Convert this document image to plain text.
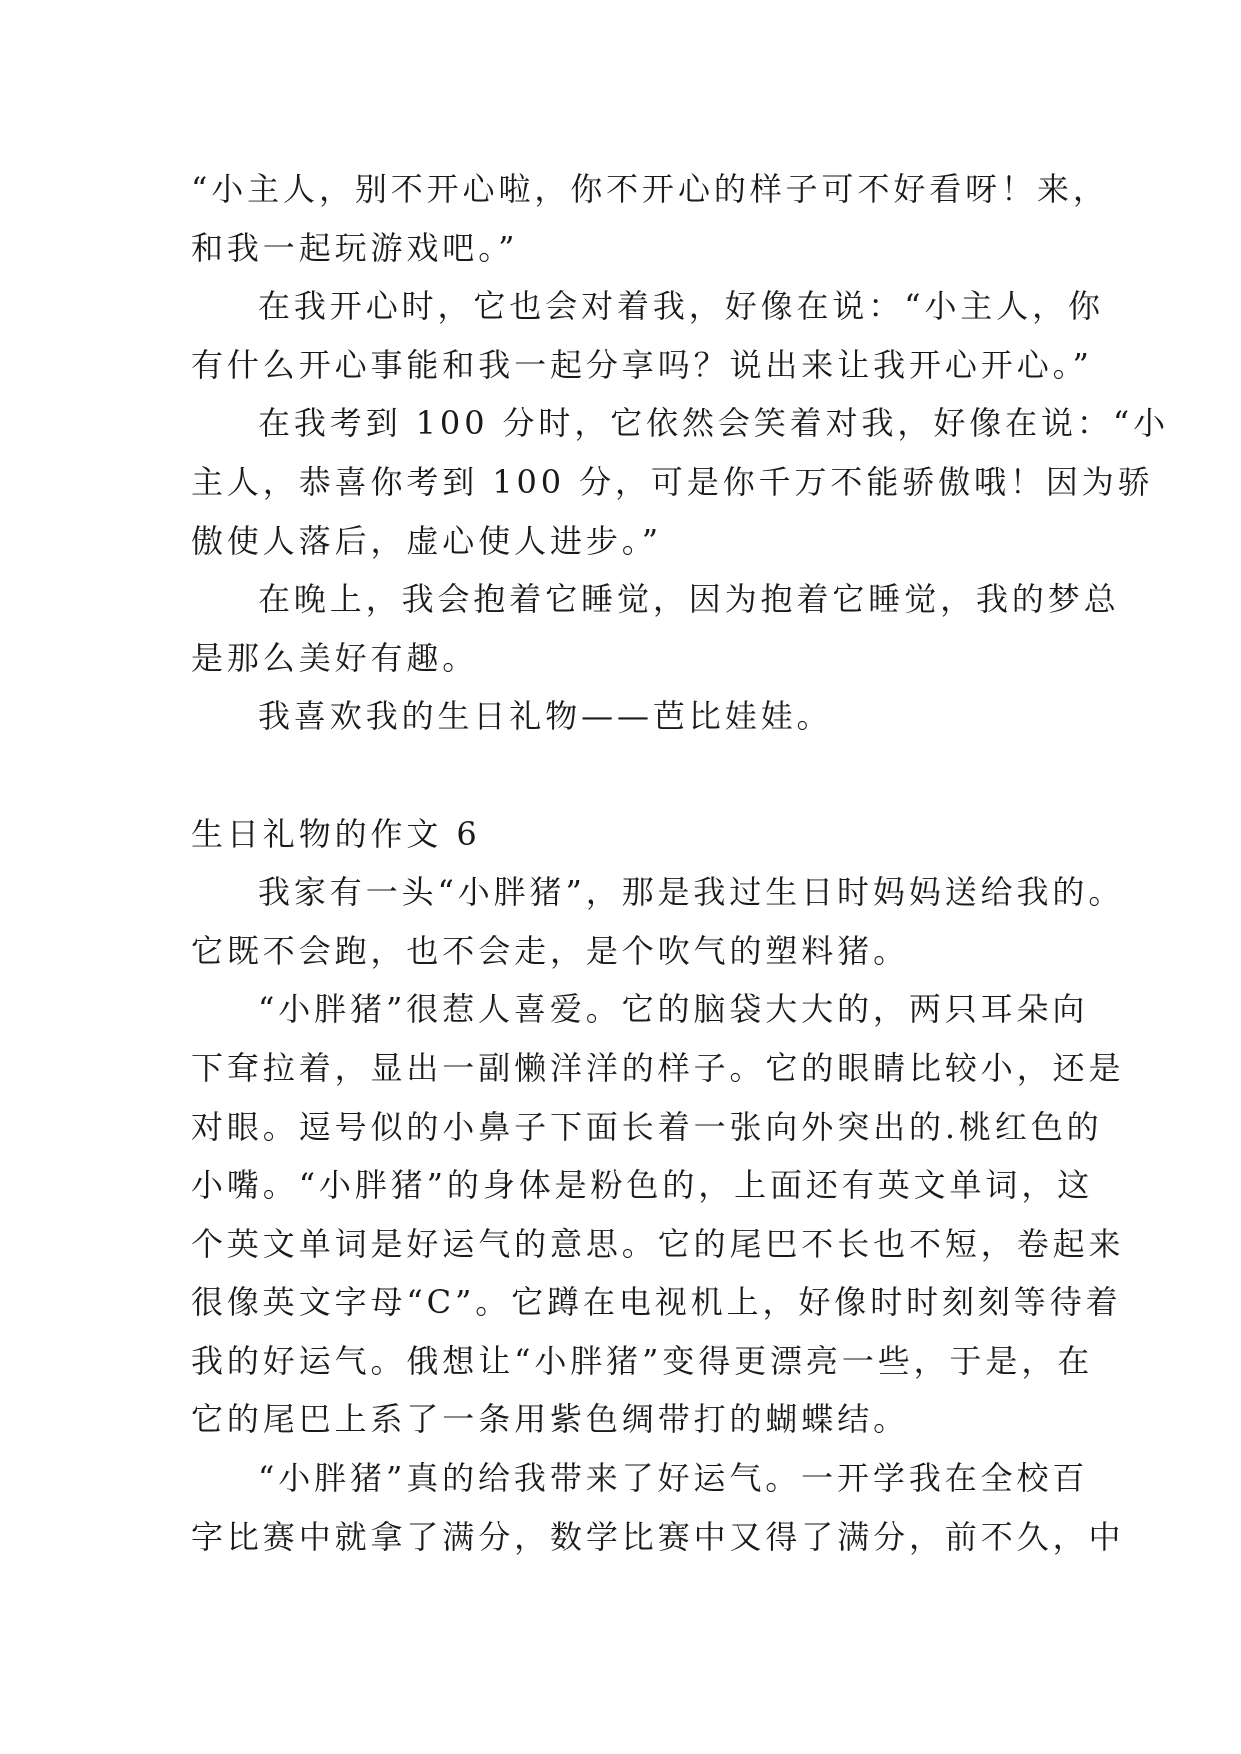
“小主人，别不开心啦，你不开心的样子可不好看呀！来，
和我一起玩游戏吧。”
在我开心时，它也会对着我，好像在说：“小主人，你
有什么开心事能和我一起分享吗？说出来让我开心开心。”
在我考到 100 分时，它依然会笑着对我，好像在说：“小
主人，恭喜你考到 100 分，可是你千万不能骄傲哦！因为骄
傲使人落后，虚心使人进步。”
在晚上，我会抱着它睡觉，因为抱着它睡觉，我的梦总
是那么美好有趣。
我喜欢我的生日礼物——芭比娃娃。
生日礼物的作文 6
我家有一头“小胖猪”，那是我过生日时妈妈送给我的。
它既不会跑，也不会走，是个吹气的塑料猪。
“小胖猪”很惹人喜爱。它的脑袋大大的，两只耳朵向
下耷拉着，显出一副懒洋洋的样子。它的眼睛比较小，还是
对眼。逗号似的小鼻子下面长着一张向外突出的.桃红色的
小嘴。“小胖猪”的身体是粉色的，上面还有英文单词，这
个英文单词是好运气的意思。它的尾巴不长也不短，卷起来
很像英文字母“C”。它蹲在电视机上，好像时时刻刻等待着
我的好运气。俄想让“小胖猪”变得更漂亮一些，于是，在
它的尾巴上系了一条用紫色绸带打的蝴蝶结。
“小胖猪”真的给我带来了好运气。一开学我在全校百
字比赛中就拿了满分，数学比赛中又得了满分，前不久，中
